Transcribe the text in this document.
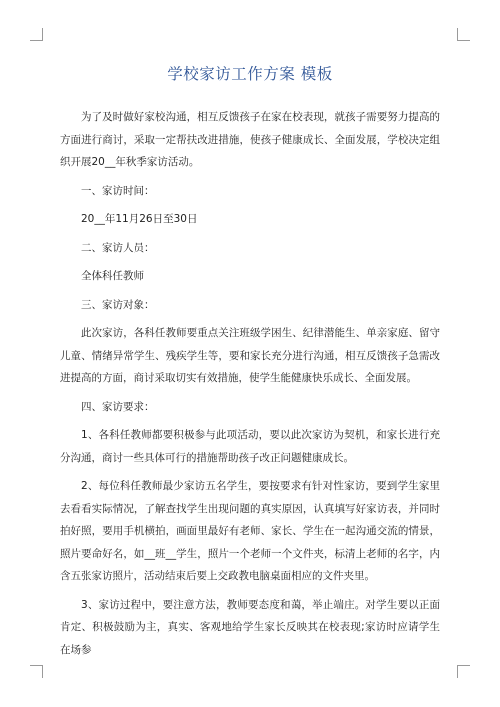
学校家访工作方案 模板

为了及时做好家校沟通，相互反馈孩子在家在校表现，就孩子需要努力提高的方面进行商讨，采取一定帮扶改进措施，使孩子健康成长、全面发展，学校决定组织开展20__年秋季家访活动。

一、家访时间：

20__年11月26日至30日

二、家访人员：

全体科任教师

三、家访对象：

此次家访，各科任教师要重点关注班级学困生、纪律潜能生、单亲家庭、留守儿童、情绪异常学生、残疾学生等，要和家长充分进行沟通，相互反馈孩子急需改进提高的方面，商讨采取切实有效措施，使学生能健康快乐成长、全面发展。

四、家访要求：

1、各科任教师都要积极参与此项活动，要以此次家访为契机，和家长进行充分沟通，商讨一些具体可行的措施帮助孩子改正问题健康成长。

2、每位科任教师最少家访五名学生，要按要求有针对性家访，要到学生家里去看看实际情况，了解查找学生出现问题的真实原因，认真填写好家访表，并同时拍好照，要用手机横拍，画面里最好有老师、家长、学生在一起沟通交流的情景，照片要命好名，如__班__学生，照片一个老师一个文件夹，标清上老师的名字，内含五张家访照片，活动结束后要上交政教电脑桌面相应的文件夹里。

3、家访过程中，要注意方法，教师要态度和蔼，举止端庄。对学生要以正面肯定、积极鼓励为主，真实、客观地给学生家长反映其在校表现;家访时应请学生在场参
